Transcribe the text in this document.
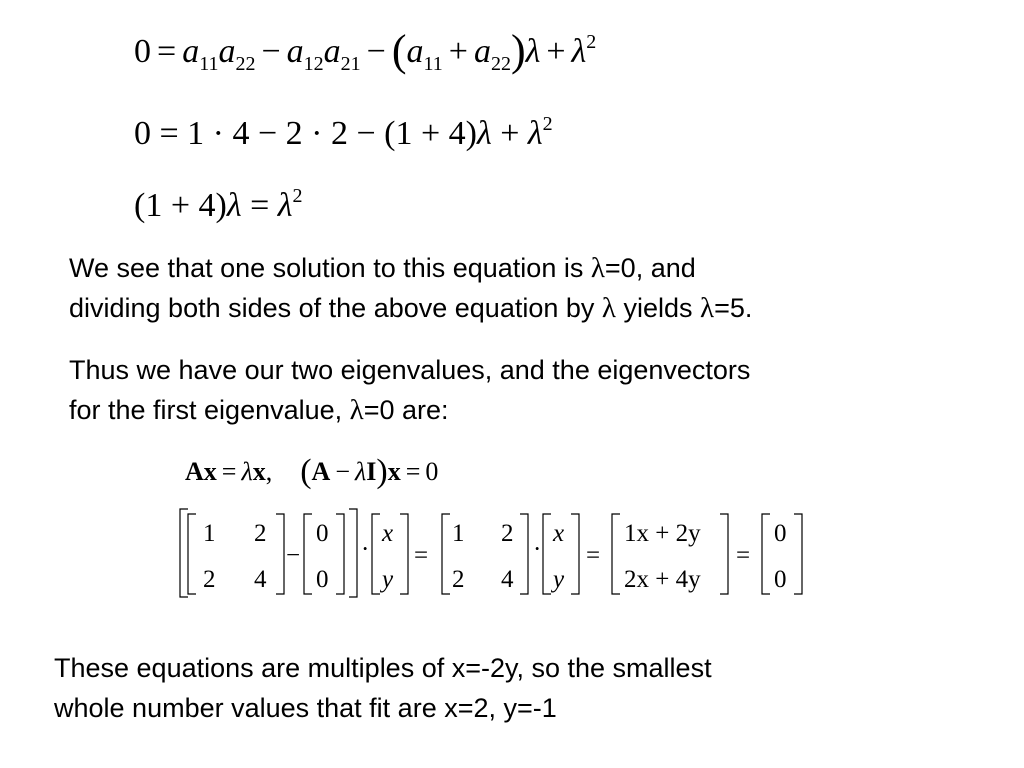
$0 = a_{11}a_{22} - a_{12}a_{21} - (a_{11} + a_{22})\lambda + \lambda^2$
$0 = 1 \cdot 4 - 2 \cdot 2 - (1 + 4)\lambda + \lambda^2$
$(1 + 4)\lambda = \lambda^2$
We see that one solution to this equation is λ=0, and
dividing both sides of the above equation by λ yields λ=5.
Thus we have our two eigenvalues, and the eigenvectors
for the first eigenvalue, λ=0 are:
Ax = λx, (A − λI)x = 0
1 2
2 4
−
0
0
·
x
y
=
1 2
2 4
·
x
y
=
1x + 2y
2x + 4y
=
0
0
These equations are multiples of x=-2y, so the smallest
whole number values that fit are x=2, y=-1
